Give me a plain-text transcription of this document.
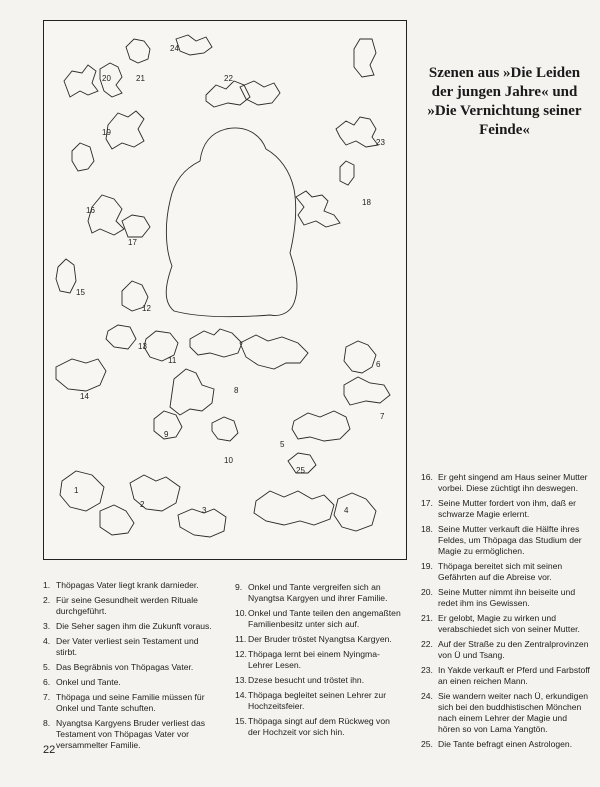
1
2
3	4
5
6
7
8
9
10
11
12
13
14
15
16
17
18
19
20	21	22
23
24
25
Szenen aus »Die Leiden der jungen Jahre« und »Die Vernichtung seiner Feinde«
1. Thöpagas Vater liegt krank darnieder.
2. Für seine Gesundheit werden Rituale durchgeführt.
3. Die Seher sagen ihm die Zukunft voraus.
4. Der Vater verliest sein Testament und stirbt.
5. Das Begräbnis von Thöpagas Vater.
6. Onkel und Tante.
7. Thöpaga und seine Familie müssen für Onkel und Tante schuften.
8. Nyangtsa Kargyens Bruder verliest das Testament von Thöpagas Vater vor versammelter Familie.
9. Onkel und Tante vergreifen sich an Nyangtsa Kargyen und ihrer Familie.
10. Onkel und Tante teilen den angemaßten Familienbesitz unter sich auf.
11. Der Bruder tröstet Nyangtsa Kargyen.
12. Thöpaga lernt bei einem Nyingma-Lehrer Lesen.
13. Dzese besucht und tröstet ihn.
14. Thöpaga begleitet seinen Lehrer zur Hochzeitsfeier.
15. Thöpaga singt auf dem Rückweg von der Hochzeit vor sich hin.
16. Er geht singend am Haus seiner Mutter vorbei. Diese züchtigt ihn deswegen.
17. Seine Mutter fordert von ihm, daß er schwarze Magie erlernt.
18. Seine Mutter verkauft die Hälfte ihres Feldes, um Thöpaga das Studium der Magie zu ermöglichen.
19. Thöpaga bereitet sich mit seinen Gefährten auf die Abreise vor.
20. Seine Mutter nimmt ihn beiseite und redet ihm ins Gewissen.
21. Er gelobt, Magie zu wirken und verabschiedet sich von seiner Mutter.
22. Auf der Straße zu den Zentralprovinzen von Ü und Tsang.
23. In Yakde verkauft er Pferd und Farbstoff an einen reichen Mann.
24. Sie wandern weiter nach Ü, erkundigen sich bei den buddhistischen Mönchen nach einem Lehrer der Magie und hören so von Lama Yangtön.
25. Die Tante befragt einen Astrologen.
22
